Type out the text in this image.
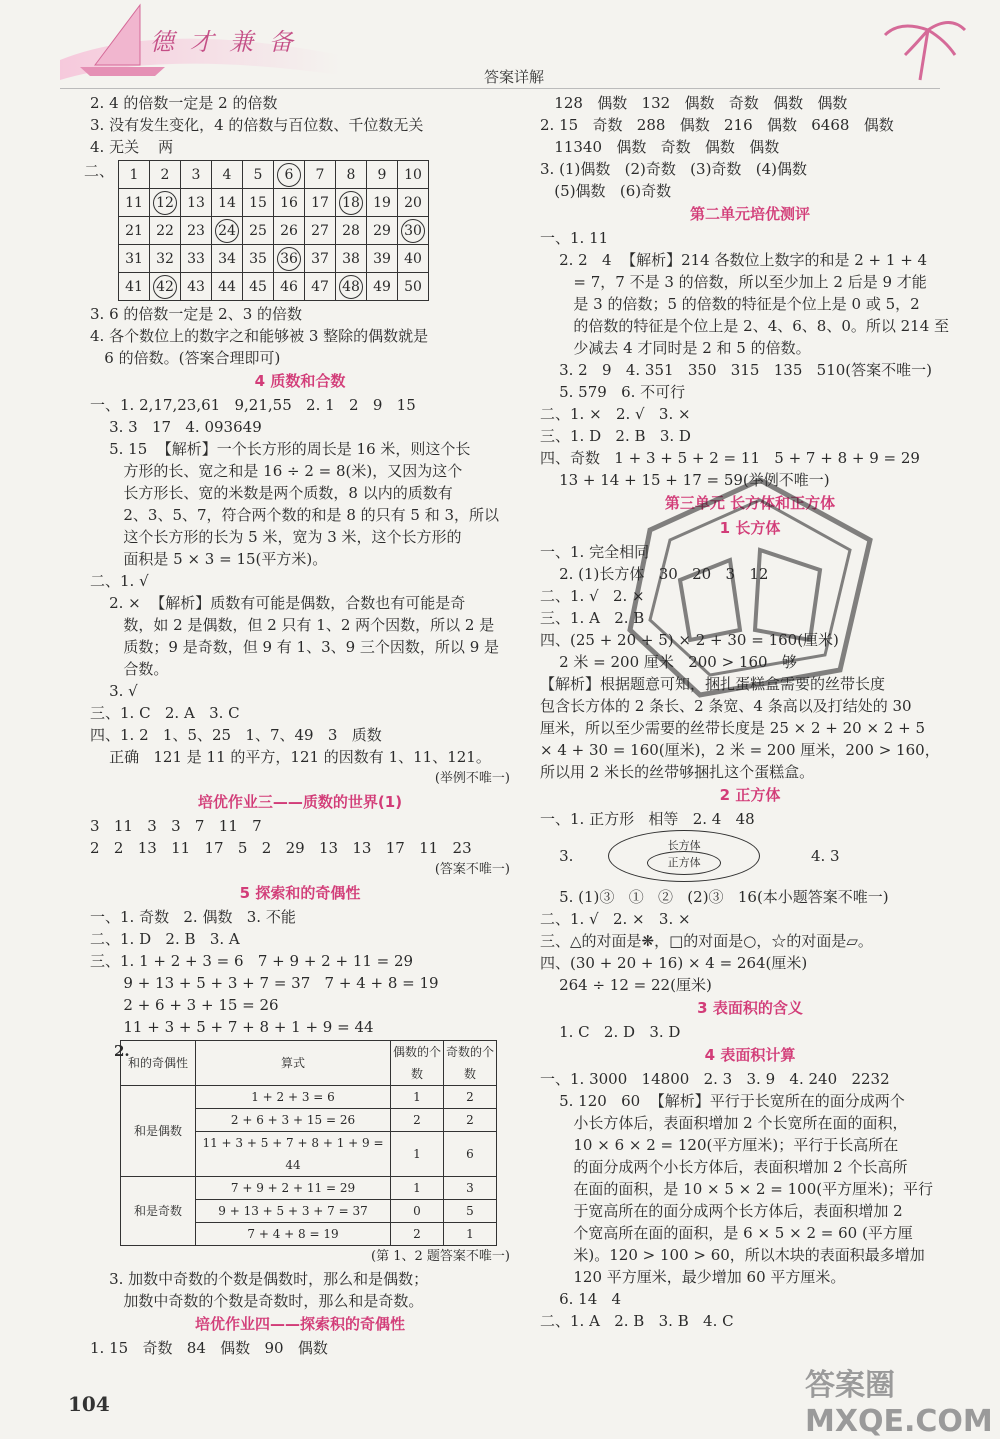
德 才 兼 备
答案详解
2. 4 的倍数一定是 2 的倍数
3. 没有发生变化，4 的倍数与百位数、千位数无关
4. 无关    两
二、 1	2	3	4	5	6	7	8	9	10
11	12	13	14	15	16	17	18	19	20
21	22	23	24	25	26	27	28	29	30
31	32	33	34	35	36	37	38	39	40
41	42	43	44	45	46	47	48	49	50
3. 6 的倍数一定是 2、3 的倍数
4. 各个数位上的数字之和能够被 3 整除的偶数就是
6 的倍数。(答案合理即可)
4 质数和合数
一、1. 2,17,23,61   9,21,55   2. 1   2   9   15
3. 3   17   4. 093649
5. 15  【解析】一个长方形的周长是 16 米，则这个长
方形的长、宽之和是 16 ÷ 2 = 8(米)，又因为这个
长方形长、宽的米数是两个质数，8 以内的质数有
2、3、5、7，符合两个数的和是 8 的只有 5 和 3，所以
这个长方形的长为 5 米，宽为 3 米，这个长方形的
面积是 5 × 3 = 15(平方米)。
二、1. √
2. ×  【解析】质数有可能是偶数，合数也有可能是奇
数，如 2 是偶数，但 2 只有 1、2 两个因数，所以 2 是
质数；9 是奇数，但 9 有 1、3、9 三个因数，所以 9 是
合数。
3. √
三、1. C   2. A   3. C
四、1. 2   1、5、25   1、7、49   3   质数
正确   121 是 11 的平方，121 的因数有 1、11、121。
(举例不唯一)
培优作业三——质数的世界(1)
3   11   3   3   7   11   7
2   2   13   11   17   5   2   29   13   13   17   11   23
(答案不唯一)
5 探索和的奇偶性
一、1. 奇数   2. 偶数   3. 不能
二、1. D   2. B   3. A
三、1. 1 + 2 + 3 = 6   7 + 9 + 2 + 11 = 29
9 + 13 + 5 + 3 + 7 = 37   7 + 4 + 8 = 19
2 + 6 + 3 + 15 = 26
11 + 3 + 5 + 7 + 8 + 1 + 9 = 44
2.
和的奇偶性	算式	偶数的个数	奇数的个数
和是偶数	1 + 2 + 3 = 6	1	2
	2 + 6 + 3 + 15 = 26	2	2
	11 + 3 + 5 + 7 + 8 + 1 + 9 = 44	1	6
和是奇数	7 + 9 + 2 + 11 = 29	1	3
	9 + 13 + 5 + 3 + 7 = 37	0	5
	7 + 4 + 8 = 19	2	1
(第 1、2 题答案不唯一)
3. 加数中奇数的个数是偶数时，那么和是偶数；
加数中奇数的个数是奇数时，那么和是奇数。
培优作业四——探索积的奇偶性
1. 15   奇数   84   偶数   90   偶数
128   偶数   132   偶数   奇数   偶数   偶数
2. 15   奇数   288   偶数   216   偶数   6468   偶数
11340   偶数   奇数   偶数   偶数
3. (1)偶数   (2)奇数   (3)奇数   (4)偶数
(5)偶数   (6)奇数
第二单元培优测评
一、1. 11
2. 2   4  【解析】214 各数位上数字的和是 2 + 1 + 4
= 7，7 不是 3 的倍数，所以至少加上 2 后是 9 才能
是 3 的倍数；5 的倍数的特征是个位上是 0 或 5，2
的倍数的特征是个位上是 2、4、6、8、0。所以 214 至
少减去 4 才同时是 2 和 5 的倍数。
3. 2   9   4. 351   350   315   135   510(答案不唯一)
5. 579   6. 不可行
二、1. ×   2. √   3. ×
三、1. D   2. B   3. D
四、奇数   1 + 3 + 5 + 2 = 11   5 + 7 + 8 + 9 = 29
13 + 14 + 15 + 17 = 59(举例不唯一)
第三单元 长方体和正方体
1 长方体
一、1. 完全相同
2. (1)长方体   30   20   3   12
二、1. √   2. ×
三、1. A   2. B
四、(25 + 20 + 5) × 2 + 30 = 160(厘米)
2 米 = 200 厘米   200 > 160   够
【解析】根据题意可知，捆扎蛋糕盒需要的丝带长度
包含长方体的 2 条长、2 条宽、4 条高以及打结处的 30
厘米，所以至少需要的丝带长度是 25 × 2 + 20 × 2 + 5
× 4 + 30 = 160(厘米)，2 米 = 200 厘米，200 > 160，
所以用 2 米长的丝带够捆扎这个蛋糕盒。
2 正方体
一、1. 正方形   相等   2. 4   48
3.
长方体
正方体	4. 3
5. (1)③   ①   ②   (2)③   16(本小题答案不唯一)
二、1. √   2. ×   3. ×
三、△的对面是❋，□的对面是○，☆的对面是▱。
四、(30 + 20 + 16) × 4 = 264(厘米)
264 ÷ 12 = 22(厘米)
3 表面积的含义
1. C   2. D   3. D
4 表面积计算
一、1. 3000   14800   2. 3   3. 9   4. 240   2232
5. 120   60  【解析】平行于长宽所在的面分成两个
小长方体后，表面积增加 2 个长宽所在面的面积，
10 × 6 × 2 = 120(平方厘米)；平行于长高所在
的面分成两个小长方体后，表面积增加 2 个长高所
在面的面积，是 10 × 5 × 2 = 100(平方厘米)；平行
于宽高所在的面分成两个长方体后，表面积增加 2
个宽高所在面的面积，是 6 × 5 × 2 = 60 (平方厘
米)。120 > 100 > 60，所以木块的表面积最多增加
120 平方厘米，最少增加 60 平方厘米。
6. 14   4
二、1. A   2. B   3. B   4. C
104
答案圈 MXQE.COM
